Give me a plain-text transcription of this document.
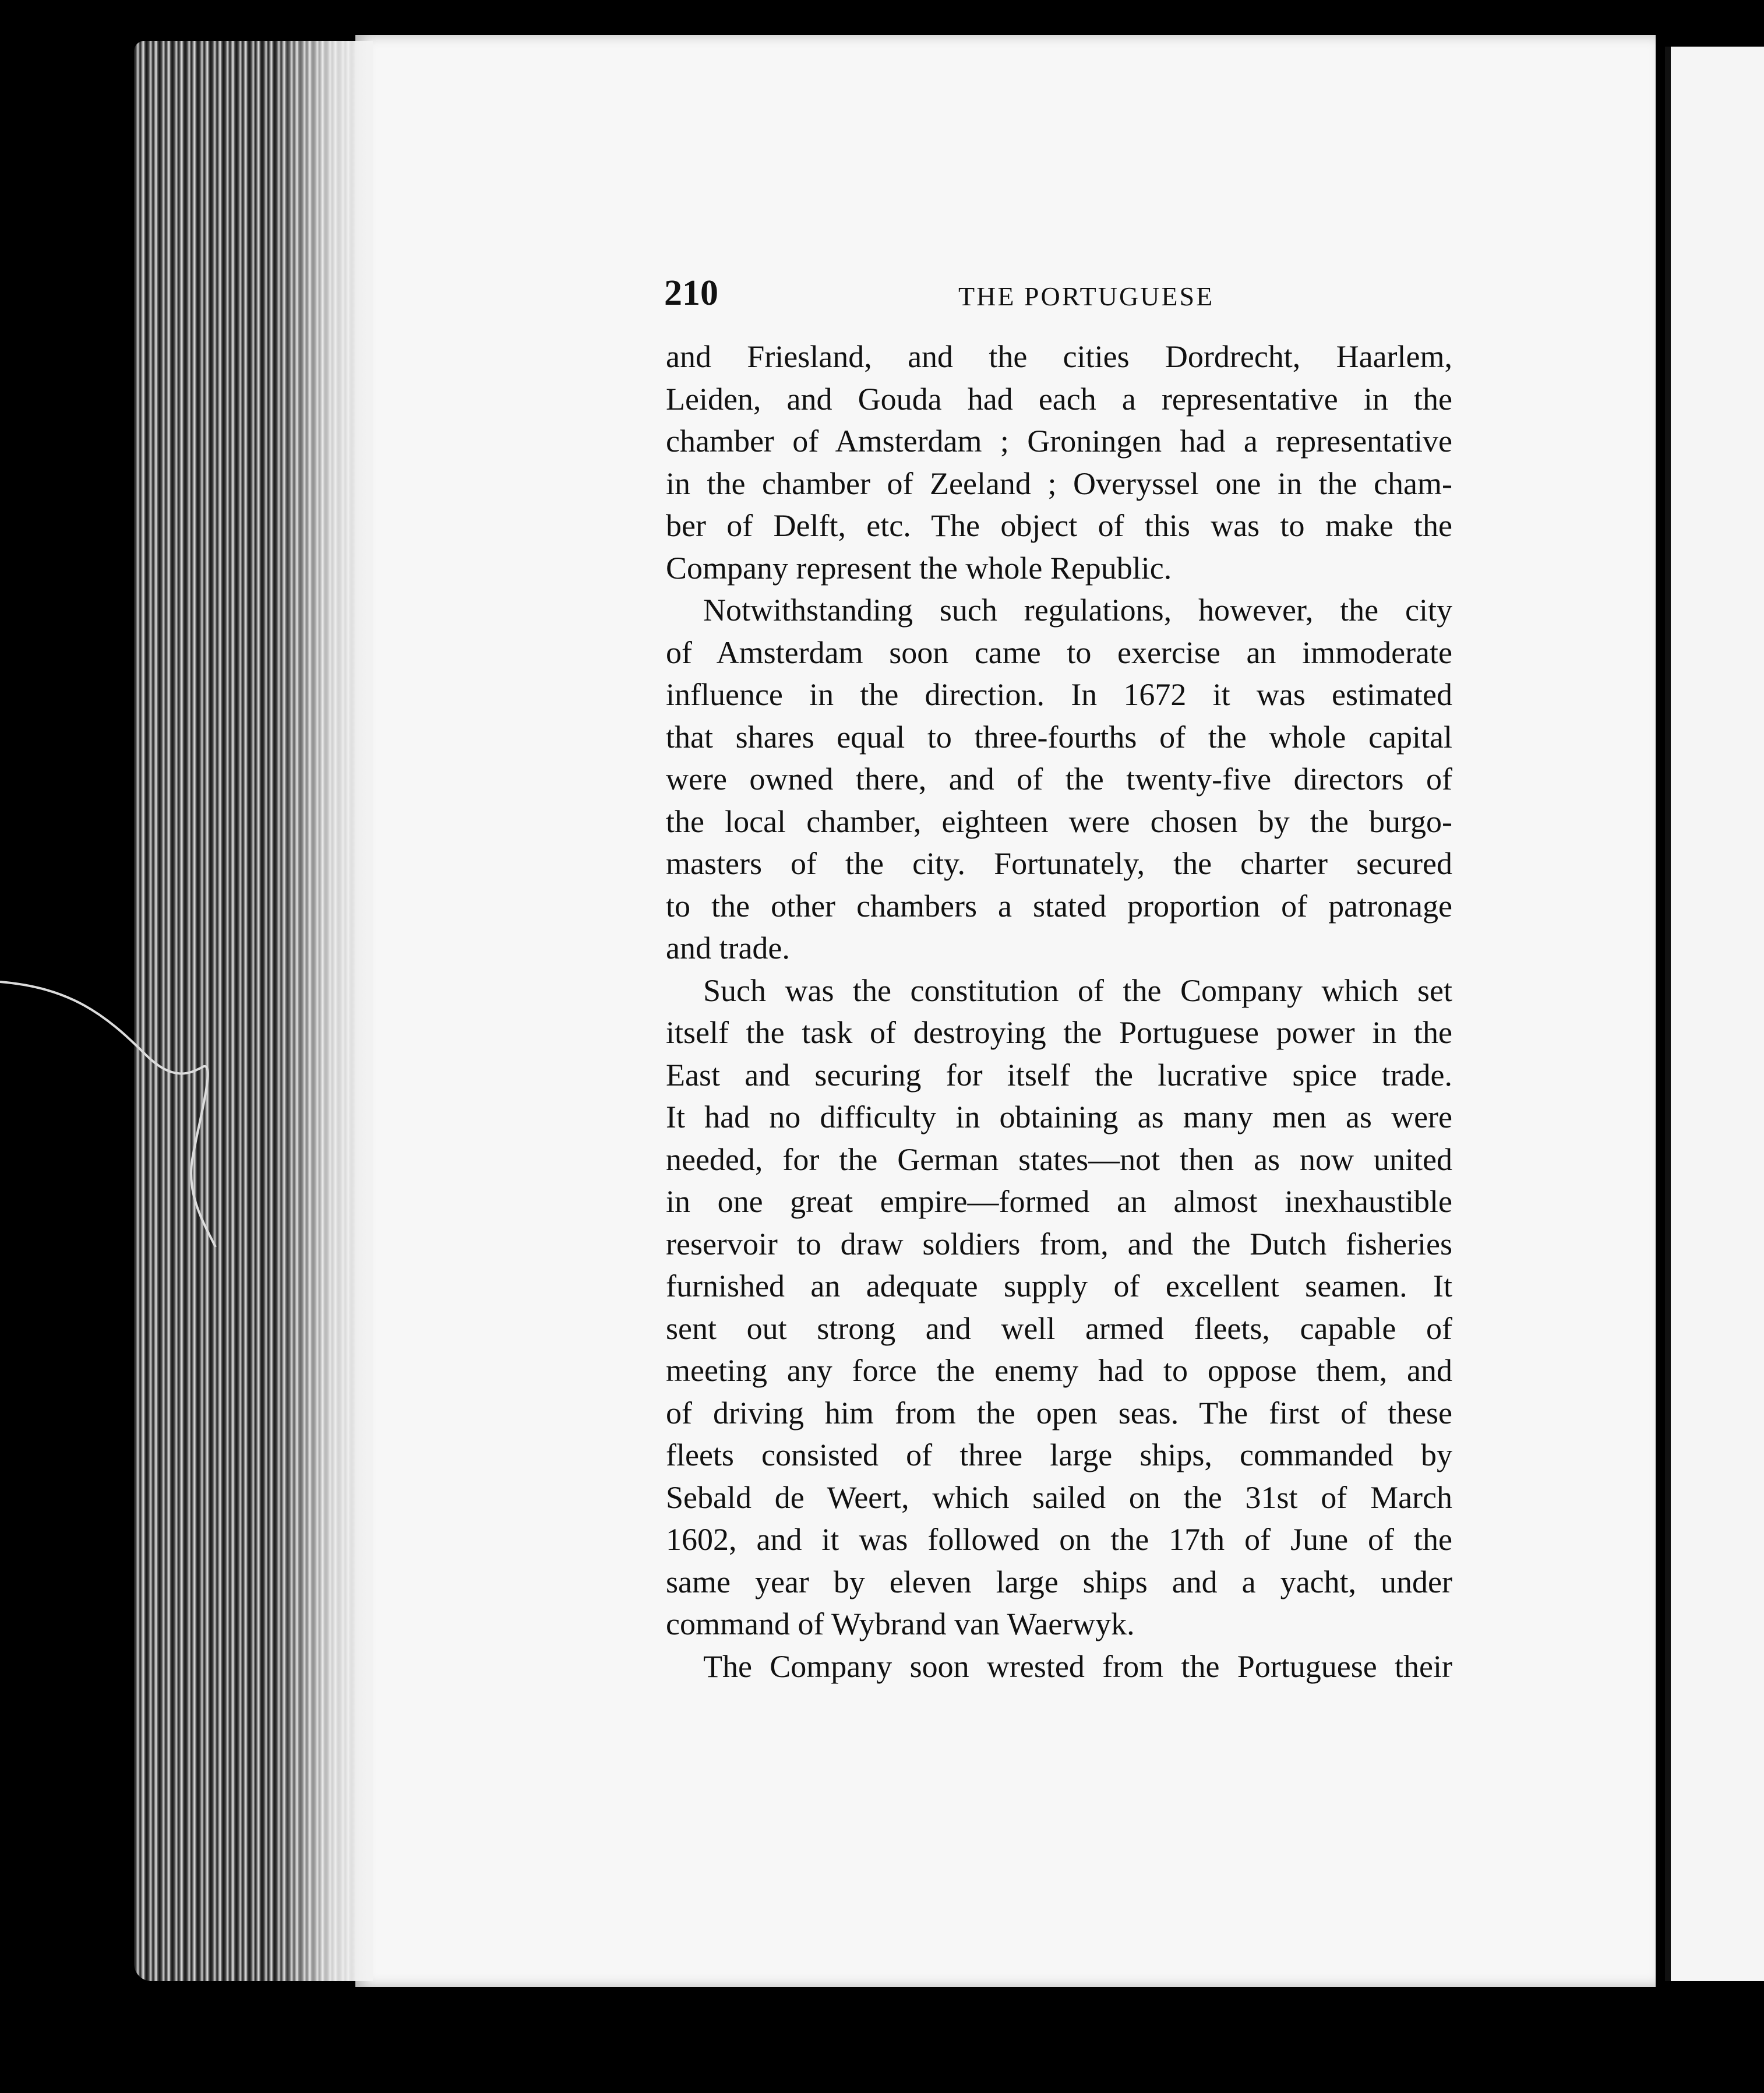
210	THE PORTUGUESE
and Friesland, and the cities Dordrecht, Haarlem,
Leiden, and Gouda had each a representative in the
chamber of Amsterdam ; Groningen had a representative
in the chamber of Zeeland ; Overyssel one in the cham-
ber of Delft, etc. The object of this was to make the
Company represent the whole Republic.
Notwithstanding such regulations, however, the city
of Amsterdam soon came to exercise an immoderate
influence in the direction. In 1672 it was estimated
that shares equal to three-fourths of the whole capital
were owned there, and of the twenty-five directors of
the local chamber, eighteen were chosen by the burgo-
masters of the city. Fortunately, the charter secured
to the other chambers a stated proportion of patronage
and trade.
Such was the constitution of the Company which set
itself the task of destroying the Portuguese power in the
East and securing for itself the lucrative spice trade.
It had no difficulty in obtaining as many men as were
needed, for the German states—not then as now united
in one great empire—formed an almost inexhaustible
reservoir to draw soldiers from, and the Dutch fisheries
furnished an adequate supply of excellent seamen. It
sent out strong and well armed fleets, capable of
meeting any force the enemy had to oppose them, and
of driving him from the open seas. The first of these
fleets consisted of three large ships, commanded by
Sebald de Weert, which sailed on the 31st of March
1602, and it was followed on the 17th of June of the
same year by eleven large ships and a yacht, under
command of Wybrand van Waerwyk.
The Company soon wrested from the Portuguese their
